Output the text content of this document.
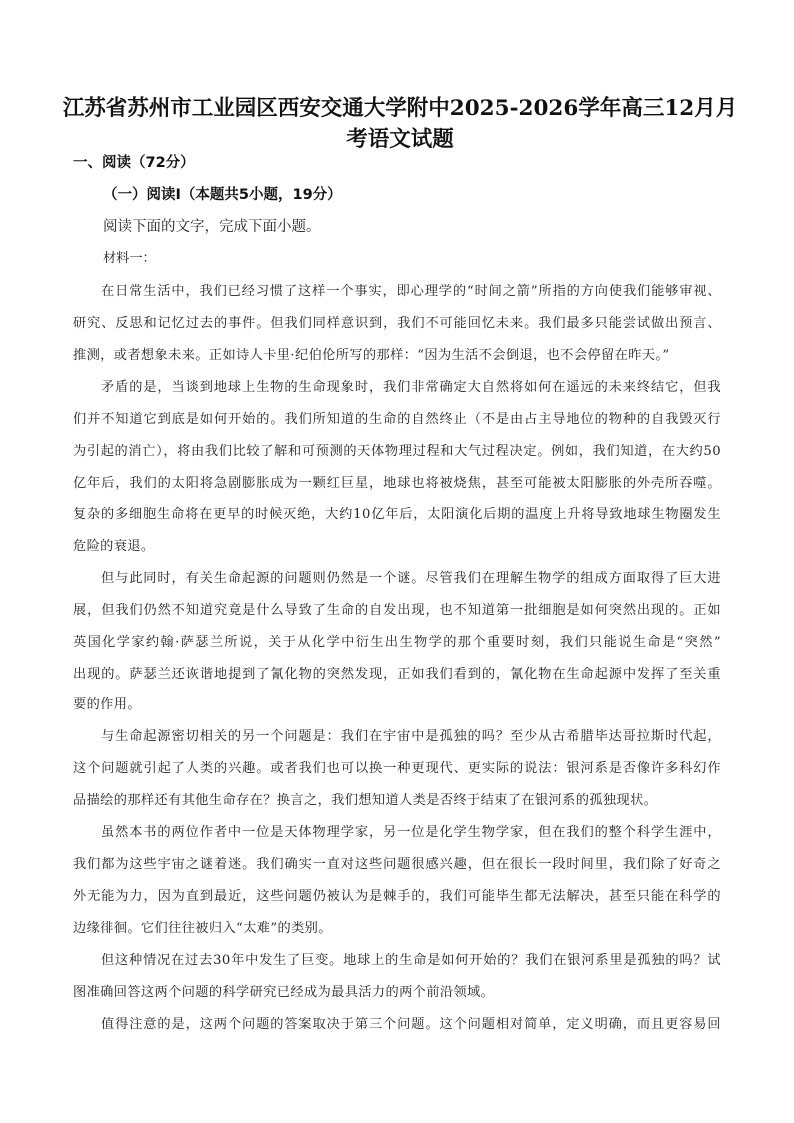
江苏省苏州市工业园区西安交通大学附中2025-2026学年高三12月月
考语文试题
一、阅读（72分）
（一）阅读Ⅰ（本题共5小题，19分）
阅读下面的文字，完成下面小题。
材料一：
在日常生活中，我们已经习惯了这样一个事实，即心理学的“时间之箭”所指的方向使我们能够审视、
研究、反思和记忆过去的事件。但我们同样意识到，我们不可能回忆未来。我们最多只能尝试做出预言、
推测，或者想象未来。正如诗人卡里·纪伯伦所写的那样：“因为生活不会倒退，也不会停留在昨天。”
矛盾的是，当谈到地球上生物的生命现象时，我们非常确定大自然将如何在遥远的未来终结它，但我
们并不知道它到底是如何开始的。我们所知道的生命的自然终止（不是由占主导地位的物种的自我毁灭行
为引起的消亡），将由我们比较了解和可预测的天体物理过程和大气过程决定。例如，我们知道，在大约50
亿年后，我们的太阳将急剧膨胀成为一颗红巨星，地球也将被烧焦，甚至可能被太阳膨胀的外壳所吞噬。
复杂的多细胞生命将在更早的时候灭绝，大约10亿年后，太阳演化后期的温度上升将导致地球生物圈发生
危险的衰退。
但与此同时，有关生命起源的问题则仍然是一个谜。尽管我们在理解生物学的组成方面取得了巨大进
展，但我们仍然不知道究竟是什么导致了生命的自发出现，也不知道第一批细胞是如何突然出现的。正如
英国化学家约翰·萨瑟兰所说，关于从化学中衍生出生物学的那个重要时刻，我们只能说生命是“突然”
出现的。萨瑟兰还诙谐地提到了氰化物的突然发现，正如我们看到的，氰化物在生命起源中发挥了至关重
要的作用。
与生命起源密切相关的另一个问题是：我们在宇宙中是孤独的吗？至少从古希腊毕达哥拉斯时代起，
这个问题就引起了人类的兴趣。或者我们也可以换一种更现代、更实际的说法：银河系是否像许多科幻作
品描绘的那样还有其他生命存在？换言之，我们想知道人类是否终于结束了在银河系的孤独现状。
虽然本书的两位作者中一位是天体物理学家，另一位是化学生物学家，但在我们的整个科学生涯中，
我们都为这些宇宙之谜着迷。我们确实一直对这些问题很感兴趣，但在很长一段时间里，我们除了好奇之
外无能为力，因为直到最近，这些问题仍被认为是棘手的，我们可能毕生都无法解决，甚至只能在科学的
边缘徘徊。它们往往被归入“太难”的类别。
但这种情况在过去30年中发生了巨变。地球上的生命是如何开始的？我们在银河系里是孤独的吗？试
图准确回答这两个问题的科学研究已经成为最具活力的两个前沿领域。
值得注意的是，这两个问题的答案取决于第三个问题。这个问题相对简单，定义明确，而且更容易回
